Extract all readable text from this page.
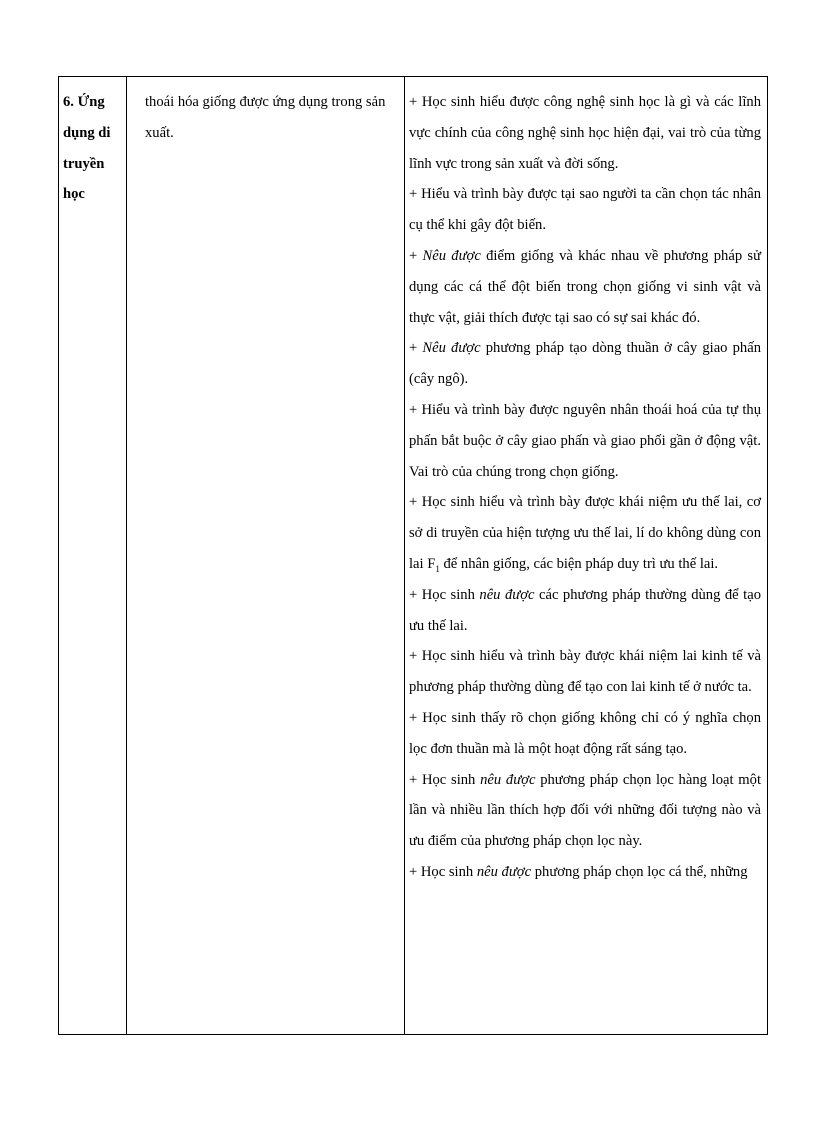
6. Ứng
dụng di
truyền
học

thoái hóa giống được ứng dụng trong sản xuất.

+ Học sinh hiểu được công nghệ sinh học là gì và các lĩnh vực chính của công nghệ sinh học hiện đại, vai trò của từng lĩnh vực trong sản xuất và đời sống.
+ Hiểu và trình bày được tại sao người ta cần chọn tác nhân cụ thể khi gây đột biến.
+ Nêu được điểm giống và khác nhau về phương pháp sử dụng các cá thể đột biến trong chọn giống vi sinh vật và thực vật, giải thích được tại sao có sự sai khác đó.
+ Nêu được phương pháp tạo dòng thuần ở cây giao phấn (cây ngô).
+ Hiểu và trình bày được nguyên nhân thoái hoá của tự thụ phấn bắt buộc ở cây giao phấn và giao phối gần ở động vật. Vai trò của chúng trong chọn giống.
+ Học sinh hiểu và trình bày được khái niệm ưu thế lai, cơ sở di truyền của hiện tượng ưu thế lai, lí do không dùng con lai $F_1$ để nhân giống, các biện pháp duy trì ưu thế lai.
+ Học sinh nêu được các phương pháp thường dùng để tạo ưu thế lai.
+ Học sinh hiểu và trình bày được khái niệm lai kinh tế và phương pháp thường dùng để tạo con lai kinh tế ở nước ta.
+ Học sinh thấy rõ chọn giống không chỉ có ý nghĩa chọn lọc đơn thuần mà là một hoạt động rất sáng tạo.
+ Học sinh nêu được phương pháp chọn lọc hàng loạt một lần và nhiều lần thích hợp đối với những đối tượng nào và ưu điểm của phương pháp chọn lọc này.
+ Học sinh nêu được phương pháp chọn lọc cá thể, những
